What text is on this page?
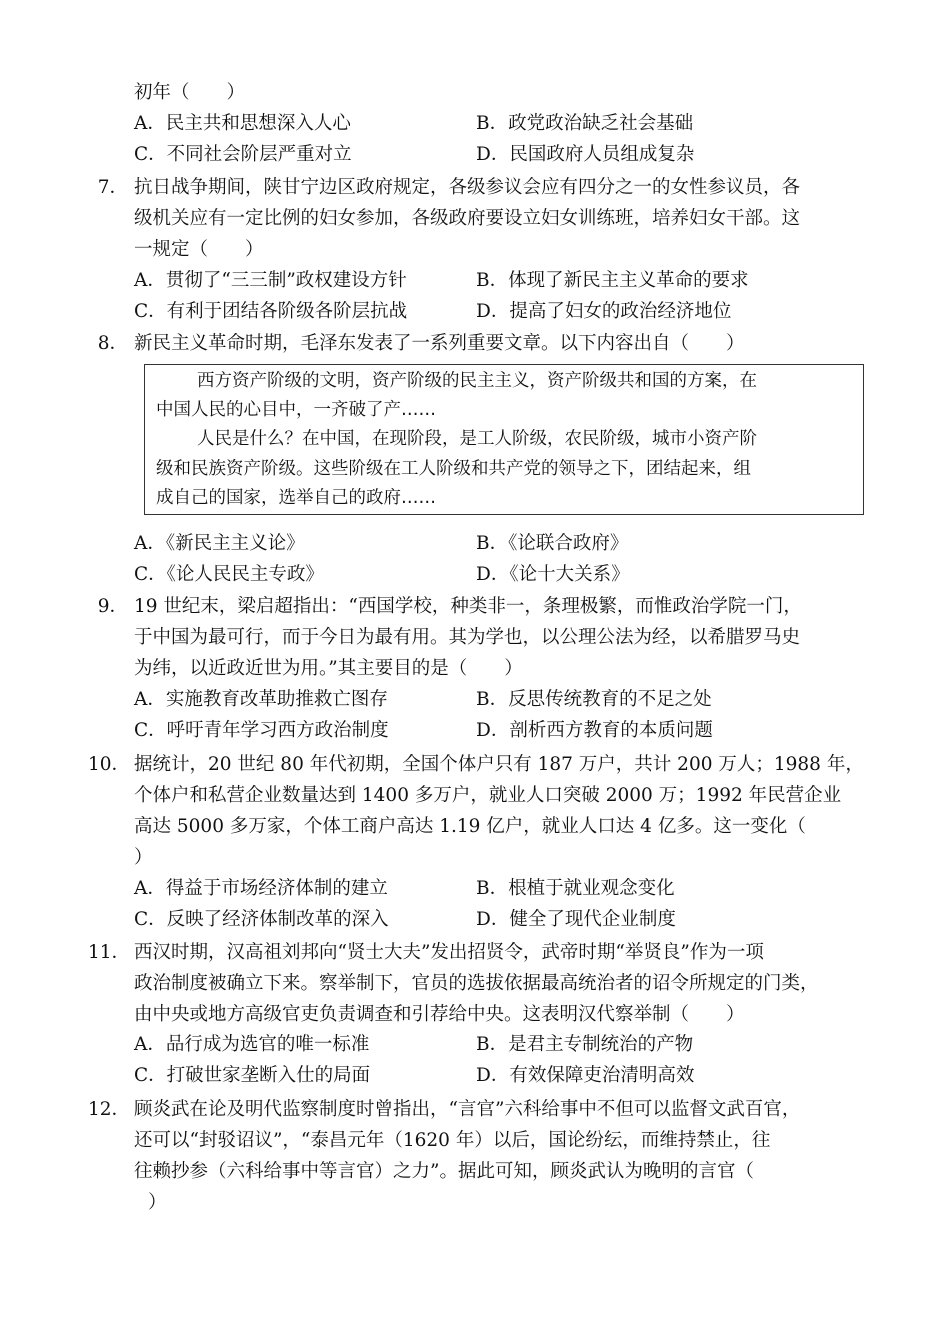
初年（　　）
A．民主共和思想深入人心	B．政党政治缺乏社会基础
C．不同社会阶层严重对立	D．民国政府人员组成复杂
7． 抗日战争期间，陕甘宁边区政府规定，各级参议会应有四分之一的女性参议员，各
级机关应有一定比例的妇女参加，各级政府要设立妇女训练班，培养妇女干部。这
一规定（　　）
A．贯彻了“三三制”政权建设方针	B．体现了新民主主义革命的要求
C．有利于团结各阶级各阶层抗战	D．提高了妇女的政治经济地位
8． 新民主义革命时期，毛泽东发表了一系列重要文章。以下内容出自（　　）
西方资产阶级的文明，资产阶级的民主主义，资产阶级共和国的方案，在
中国人民的心目中，一齐破了产……
人民是什么？在中国，在现阶段，是工人阶级，农民阶级，城市小资产阶
级和民族资产阶级。这些阶级在工人阶级和共产党的领导之下，团结起来，组
成自己的国家，选举自己的政府……
A．《新民主主义论》	B．《论联合政府》
C．《论人民民主专政》	D．《论十大关系》
9． 19 世纪末，梁启超指出：“西国学校，种类非一，条理极繁，而惟政治学院一门，
于中国为最可行，而于今日为最有用。其为学也，以公理公法为经，以希腊罗马史
为纬，以近政近世为用。”其主要目的是（　　）
A．实施教育改革助推救亡图存	B．反思传统教育的不足之处
C．呼吁青年学习西方政治制度	D．剖析西方教育的本质问题
10． 据统计，20 世纪 80 年代初期，全国个体户只有 187 万户，共计 200 万人；1988 年，
个体户和私营企业数量达到 1400 多万户，就业人口突破 2000 万；1992 年民营企业
高达 5000 多万家，个体工商户高达 1.19 亿户，就业人口达 4 亿多。这一变化（
）
A．得益于市场经济体制的建立	B．根植于就业观念变化
C．反映了经济体制改革的深入	D．健全了现代企业制度
11． 西汉时期，汉高祖刘邦向“贤士大夫”发出招贤令，武帝时期“举贤良”作为一项
政治制度被确立下来。察举制下，官员的选拔依据最高统治者的诏令所规定的门类，
由中央或地方高级官吏负责调查和引荐给中央。这表明汉代察举制（　　）
A．品行成为选官的唯一标准	B．是君主专制统治的产物
C．打破世家垄断入仕的局面	D．有效保障吏治清明高效
12． 顾炎武在论及明代监察制度时曾指出，“言官”六科给事中不但可以监督文武百官，
还可以“封驳诏议”，“泰昌元年（1620 年）以后，国论纷纭，而维持禁止，往
往赖抄参（六科给事中等言官）之力”。据此可知，顾炎武认为晚明的言官（
）
